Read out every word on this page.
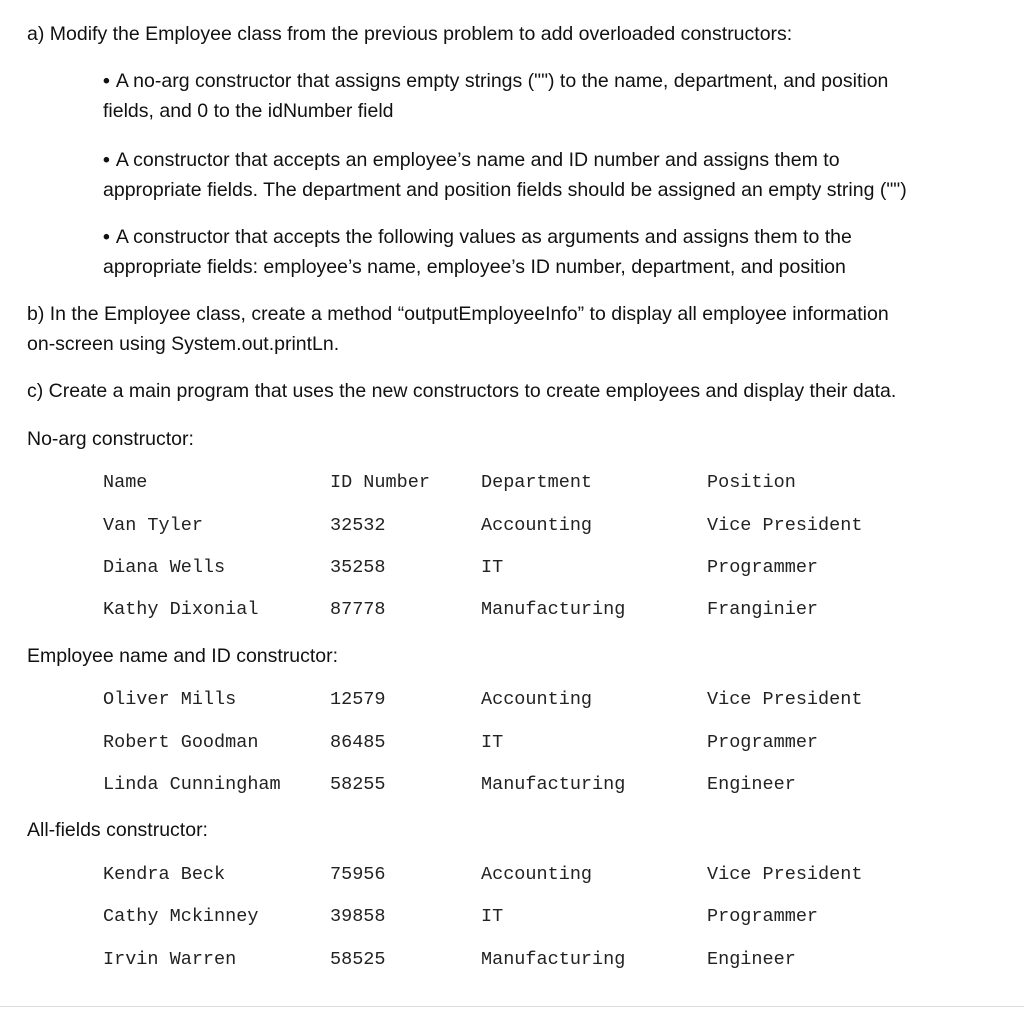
a) Modify the Employee class from the previous problem to add overloaded constructors:
• A no-arg constructor that assigns empty strings ("") to the name, department, and position
fields, and 0 to the idNumber field
• A constructor that accepts an employee’s name and ID number and assigns them to
appropriate fields. The department and position fields should be assigned an empty string ("")
• A constructor that accepts the following values as arguments and assigns them to the
appropriate fields: employee’s name, employee’s ID number, department, and position
b) In the Employee class, create a method “outputEmployeeInfo” to display all employee information
on-screen using System.out.printLn.
c) Create a main program that uses the new constructors to create employees and display their data.
No-arg constructor:
Name	ID Number	Department	Position
Van Tyler	32532	Accounting	Vice President
Diana Wells	35258	IT	Programmer
Kathy Dixonial	87778	Manufacturing	Franginier
Employee name and ID constructor:
Oliver Mills	12579	Accounting	Vice President
Robert Goodman	86485	IT	Programmer
Linda Cunningham	58255	Manufacturing	Engineer
All-fields constructor:
Kendra Beck	75956	Accounting	Vice President
Cathy Mckinney	39858	IT	Programmer
Irvin Warren	58525	Manufacturing	Engineer
